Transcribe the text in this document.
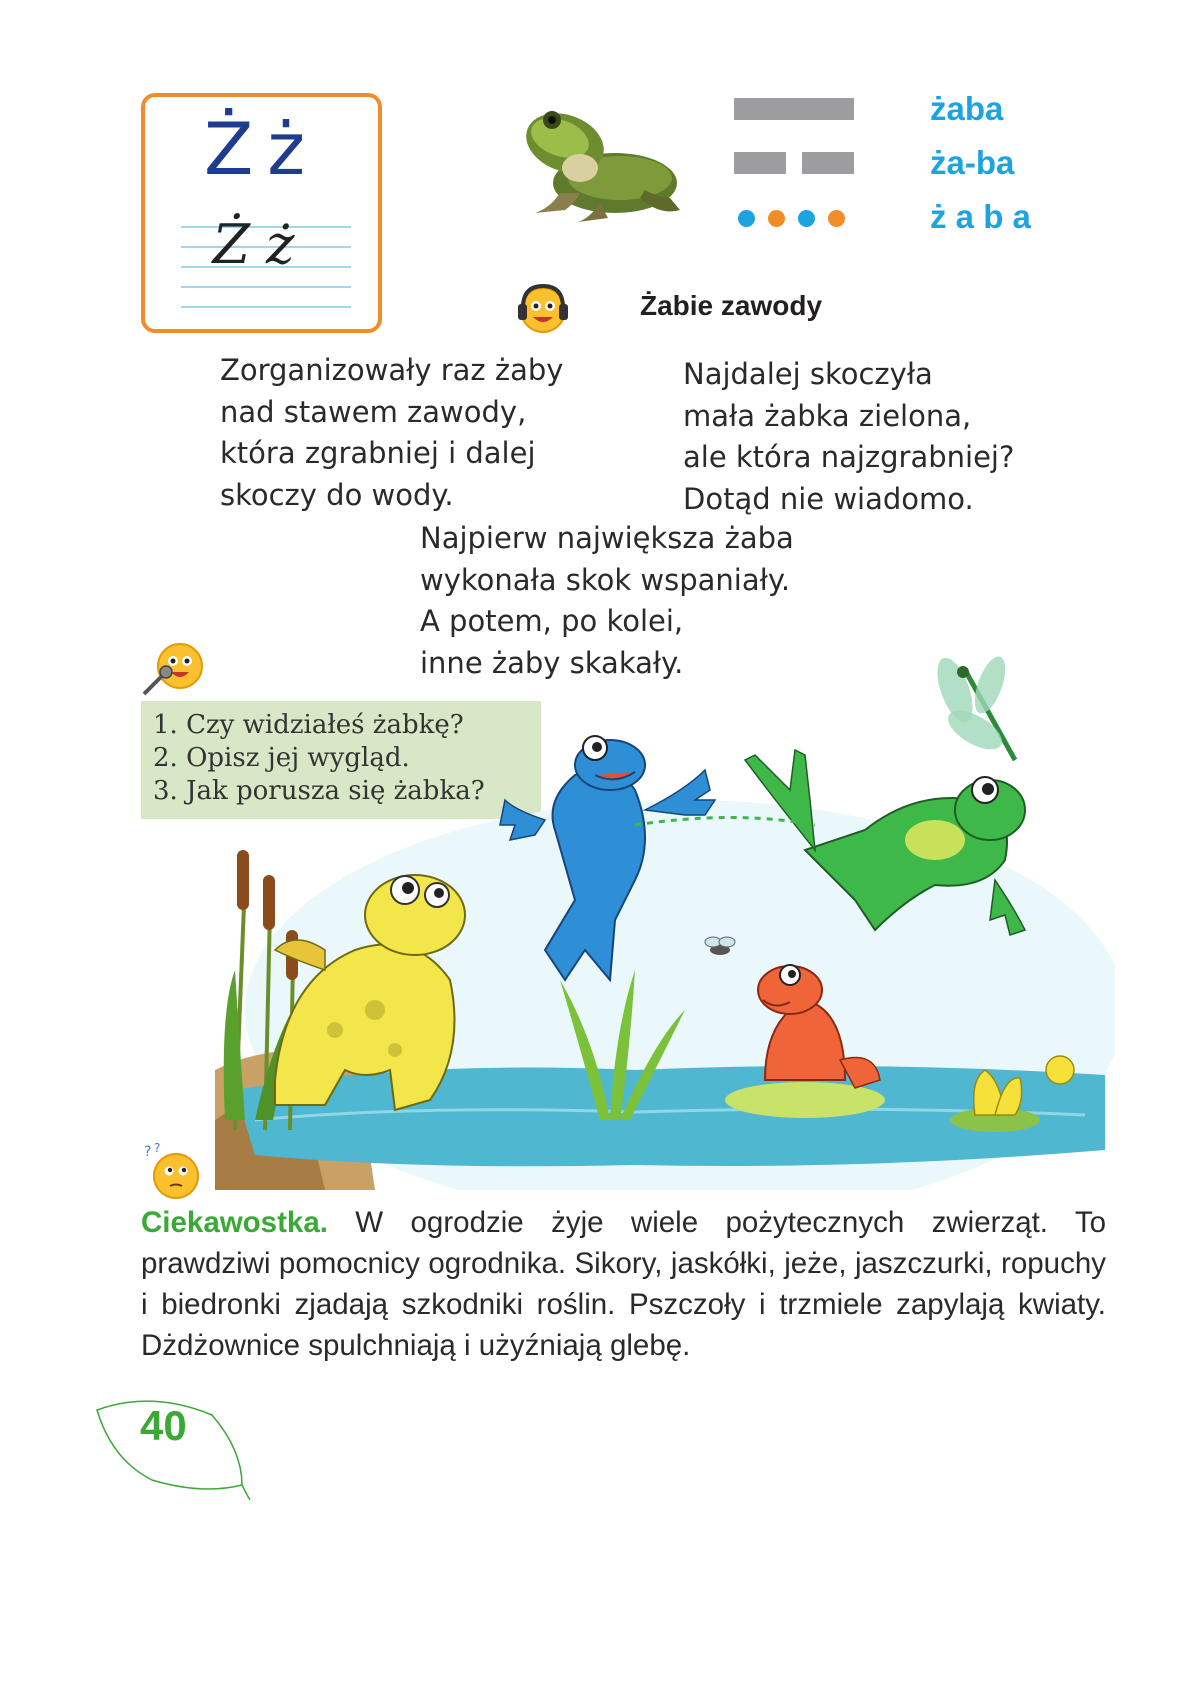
Żż
Żż
żaba
ża-ba
ż a b a
Żabie zawody
Zorganizowały raz żaby
nad stawem zawody,
która zgrabniej i dalej
skoczy do wody.
Najdalej skoczyła
mała żabka zielona,
ale która najzgrabniej?
Dotąd nie wiadomo.
Najpierw największa żaba
wykonała skok wspaniały.
A potem, po kolei,
inne żaby skakały.
1. Czy widziałeś żabkę?
2. Opisz jej wygląd.
3. Jak porusza się żabka?
? ?
Ciekawostka. W ogrodzie żyje wiele pożytecznych zwierząt. To prawdziwi pomocnicy ogrodnika. Sikory, jaskółki, jeże, jaszczurki, ropuchy i biedronki zjadają szkodniki roślin. Pszczoły i trzmiele zapylają kwiaty. Dżdżownice spulchniają i użyźniają glebę.
40
